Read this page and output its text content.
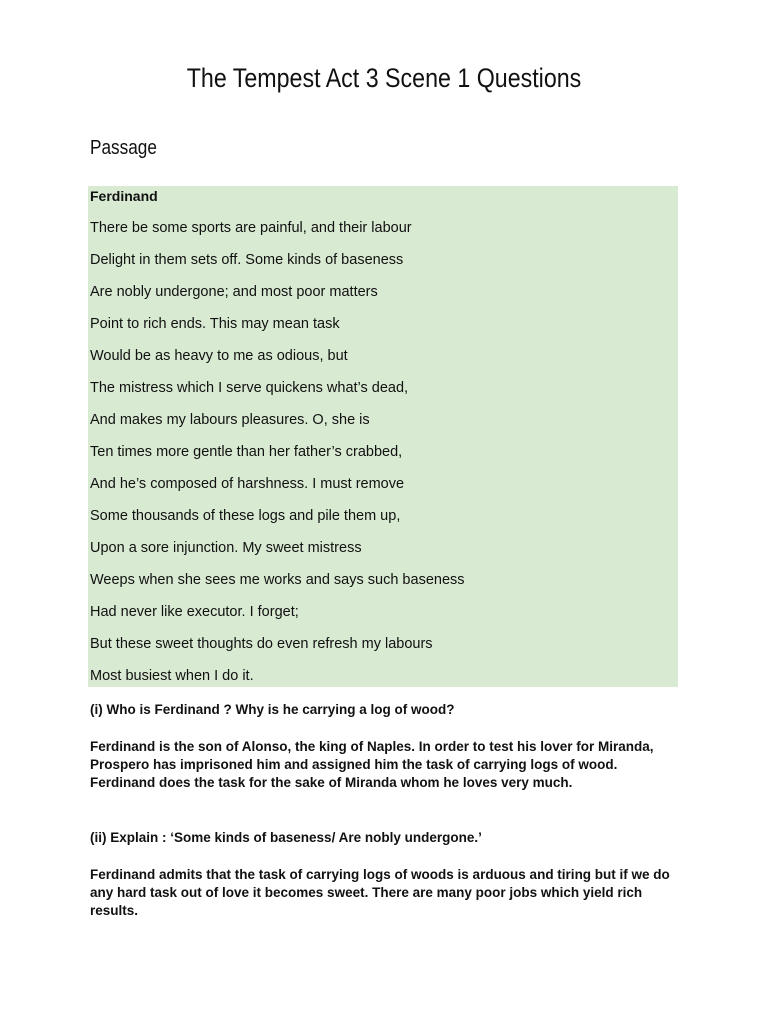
The Tempest Act 3 Scene 1 Questions
Passage
Ferdinand
There be some sports are painful, and their labour
Delight in them sets off. Some kinds of baseness
Are nobly undergone; and most poor matters
Point to rich ends. This may mean task
Would be as heavy to me as odious, but
The mistress which I serve quickens what’s dead,
And makes my labours pleasures. O, she is
Ten times more gentle than her father’s crabbed,
And he’s composed of harshness. I must remove
Some thousands of these logs and pile them up,
Upon a sore injunction. My sweet mistress
Weeps when she sees me works and says such baseness
Had never like executor. I forget;
But these sweet thoughts do even refresh my labours
Most busiest when I do it.
(i) Who is Ferdinand ? Why is he carrying a log of wood?
Ferdinand is the son of Alonso, the king of Naples. In order to test his lover for Miranda, Prospero has imprisoned him and assigned him the task of carrying logs of wood. Ferdinand does the task for the sake of Miranda whom he loves very much.
(ii) Explain : ‘Some kinds of baseness/ Are nobly undergone.’
Ferdinand admits that the task of carrying logs of woods is arduous and tiring but if we do any hard task out of love it becomes sweet. There are many poor jobs which yield rich results.
